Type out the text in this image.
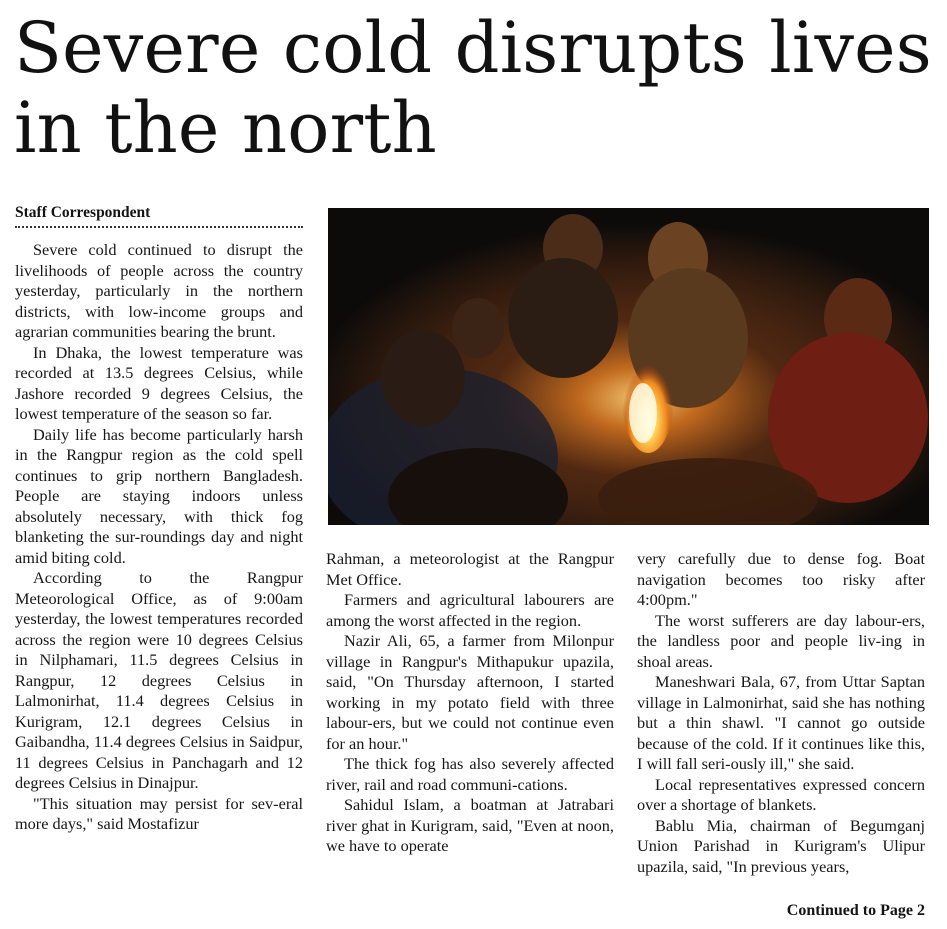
Severe cold disrupts lives in the north
Staff Correspondent

Severe cold continued to disrupt the livelihoods of people across the country yesterday, particularly in the northern districts, with low-income groups and agrarian communities bearing the brunt.

In Dhaka, the lowest temperature was recorded at 13.5 degrees Celsius, while Jashore recorded 9 degrees Celsius, the lowest temperature of the season so far.

Daily life has become particularly harsh in the Rangpur region as the cold spell continues to grip northern Bangladesh. People are staying indoors unless absolutely necessary, with thick fog blanketing the sur-roundings day and night amid biting cold.

According to the Rangpur Meteorological Office, as of 9:00am yesterday, the lowest temperatures recorded across the region were 10 degrees Celsius in Nilphamari, 11.5 degrees Celsius in Rangpur, 12 degrees Celsius in Lalmonirhat, 11.4 degrees Celsius in Kurigram, 12.1 degrees Celsius in Gaibandha, 11.4 degrees Celsius in Saidpur, 11 degrees Celsius in Panchagarh and 12 degrees Celsius in Dinajpur.

"This situation may persist for sev-eral more days," said Mostafizur

Rahman, a meteorologist at the Rangpur Met Office.

Farmers and agricultural labourers are among the worst affected in the region.

Nazir Ali, 65, a farmer from Milonpur village in Rangpur's Mithapukur upazila, said, "On Thursday afternoon, I started working in my potato field with three labour-ers, but we could not continue even for an hour."

The thick fog has also severely affected river, rail and road communi-cations.

Sahidul Islam, a boatman at Jatrabari river ghat in Kurigram, said, "Even at noon, we have to operate

very carefully due to dense fog. Boat navigation becomes too risky after 4:00pm."

The worst sufferers are day labour-ers, the landless poor and people liv-ing in shoal areas.

Maneshwari Bala, 67, from Uttar Saptan village in Lalmonirhat, said she has nothing but a thin shawl. "I cannot go outside because of the cold. If it continues like this, I will fall seri-ously ill," she said.

Local representatives expressed concern over a shortage of blankets.

Bablu Mia, chairman of Begumganj Union Parishad in Kurigram's Ulipur upazila, said, "In previous years,

Continued to Page 2
